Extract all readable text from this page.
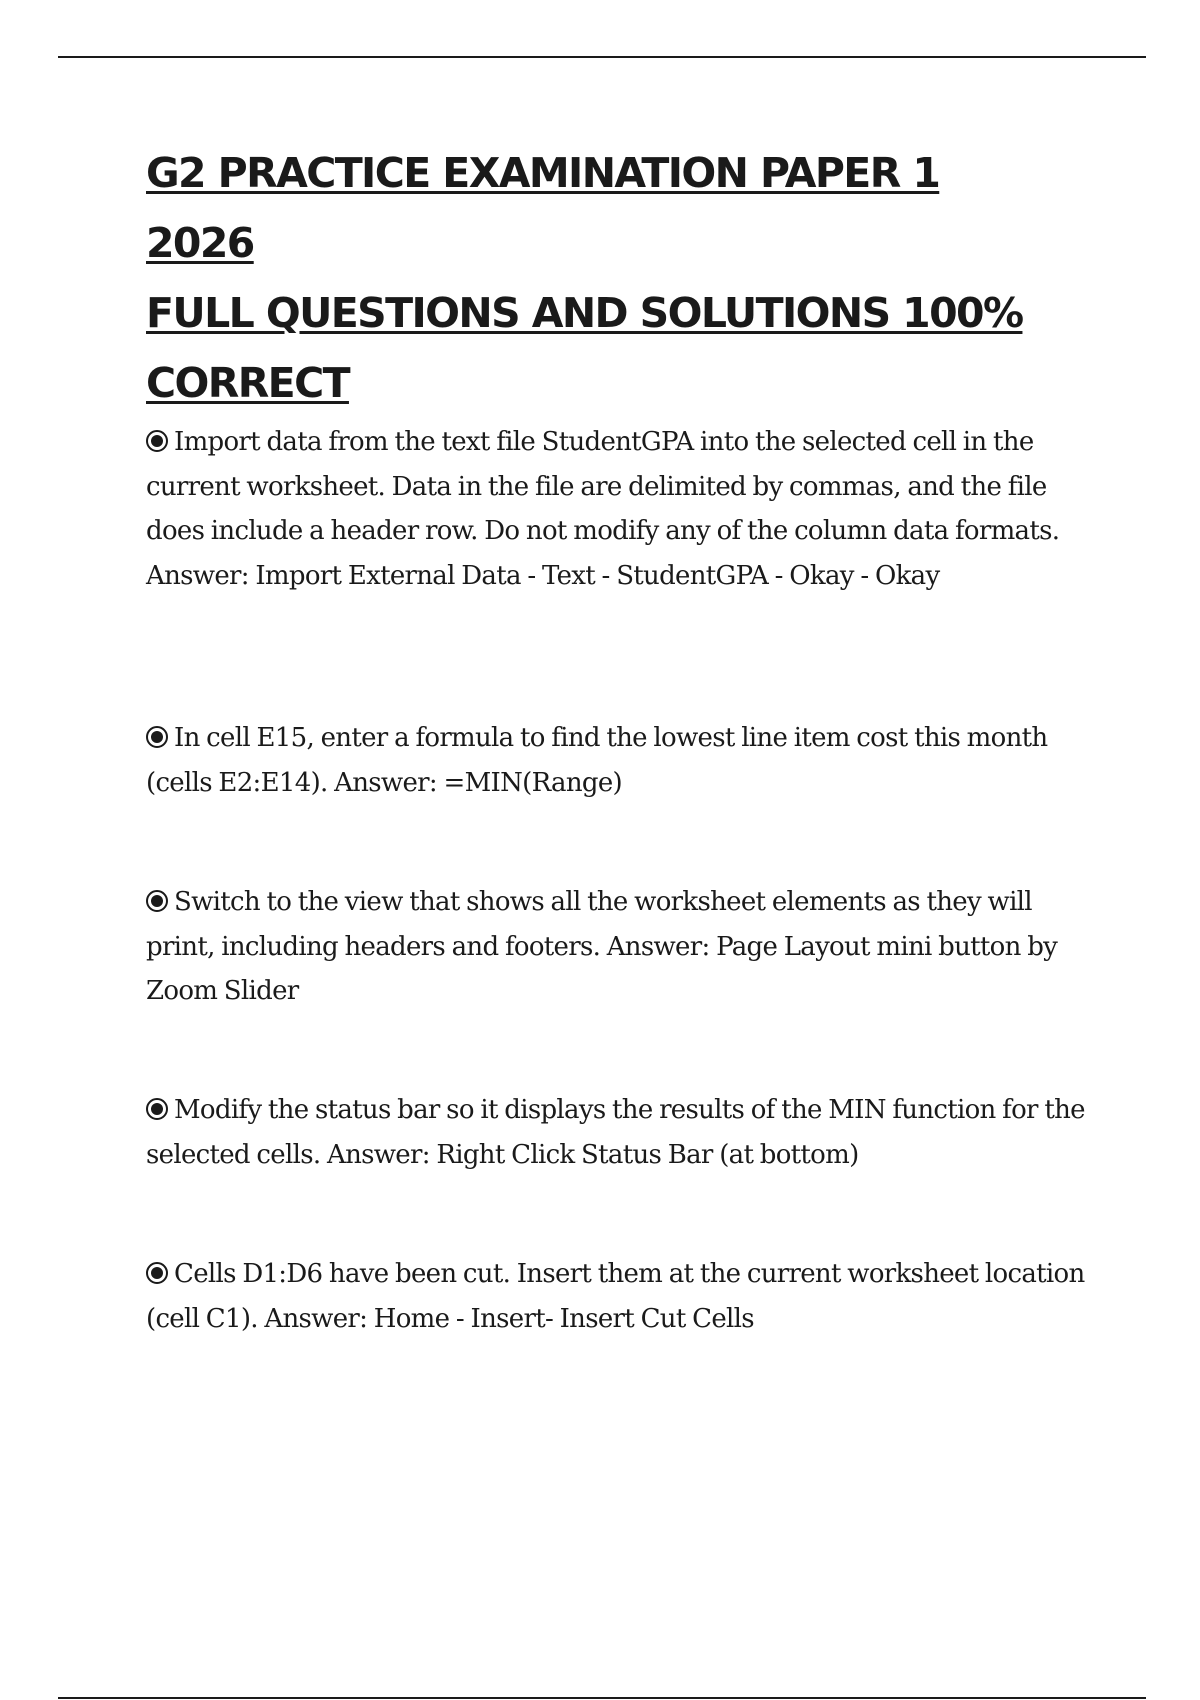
G2 PRACTICE EXAMINATION PAPER 1 2026
FULL QUESTIONS AND SOLUTIONS 100%
CORRECT

Import data from the text file StudentGPA into the selected cell in the current worksheet. Data in the file are delimited by commas, and the file does include a header row. Do not modify any of the column data formats. Answer: Import External Data - Text - StudentGPA - Okay - Okay

In cell E15, enter a formula to find the lowest line item cost this month (cells E2:E14). Answer: =MIN(Range)

Switch to the view that shows all the worksheet elements as they will print, including headers and footers. Answer: Page Layout mini button by Zoom Slider

Modify the status bar so it displays the results of the MIN function for the selected cells. Answer: Right Click Status Bar (at bottom)

Cells D1:D6 have been cut. Insert them at the current worksheet location (cell C1). Answer: Home - Insert- Insert Cut Cells
